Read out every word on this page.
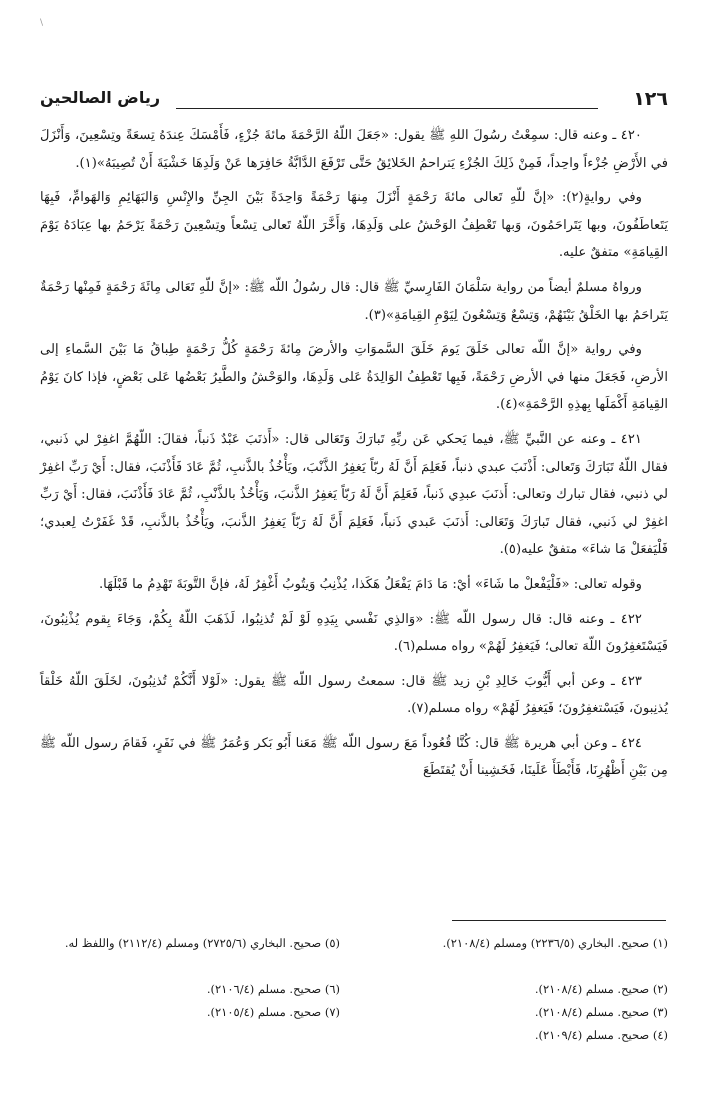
\
١٢٦
رياض الصالحين

٤٢٠ ـ وعنه قال: سمِعْتُ رسُولَ اللهِ ﷺ يقول: «جَعَلَ اللّهُ الرَّحْمَةَ مائةَ جُزْءٍ، فَأَمْسَكَ عِندَهُ تِسعَةً وتِسْعِينَ، وَأَنْزَلَ في الأَرْضِ جُزْءاً واحِداً، فَمِنْ ذَلِكَ الجُزْءِ يَتراحمُ الخَلائِقُ حَتَّى تَرْفَعَ الدَّابَّةُ حَافِرَها عَنْ وَلَدِهَا خَشْيَةَ أَنْ تُصِيبَهُ»(١).

وفي روايةٍ(٢): «إنَّ للّهِ تَعالى مائةَ رَحْمَةٍ أَنْزَلَ مِنهَا رَحْمَةً وَاحِدَةً بَيْنَ الجِنِّ والإِنْسِ وَالبَهَائِمِ وَالهَوامِّ، فَبِهَا يَتَعاطَفُونَ، وبها يَتَراحَمُونَ، وَبها تَعْطِفُ الوَحْشُ على وَلَدِهَا، وَأَخَّرَ اللّهُ تَعالى تِسْعاً وتِسْعِينَ رَحْمَةً يَرْحَمُ بها عِبَادَهُ يَوْمَ القِيامَةِ» متفقٌ عليه.

ورواهُ مسلمٌ أيضاً من رواية سَلْمَانَ الفَارِسيِّ ﷺ قال: قال رسُولُ اللّه ﷺ: «إنَّ للّهِ تَعَالى مِائَةَ رَحْمَةٍ فَمِنْها رَحْمَةٌ يَتَراحَمُ بها الخَلْقُ بَيْنَهُمْ، وَتِسْعٌ وَتِسْعُونَ لِيَوْمِ القِيامَةِ»(٣).

وفي رواية «إنَّ اللّه تعالى خَلَقَ يَومَ خَلَقَ السَّموَاتِ والأرضَ مِائةَ رَحْمَةٍ كُلُّ رَحْمَةٍ طِباقُ مَا بَيْنَ السَّماءِ إلى الأرضِ، فَجَعَلَ منها في الأرضِ رَحْمَةً، فَبِها تَعْطِفُ الوَالِدَةُ عَلى وَلَدِهَا، والوَحْشُ والطَّيرُ بَعْضُها عَلى بَعْضٍ، فإذا كانَ يَوْمُ القِيامَةِ أَكْمَلَها بِهذِهِ الرَّحْمَةِ»(٤).

٤٢١ ـ وعنه عن النَّبيِّ ﷺ، فيما يَحكي عَن ربِّهِ تَبارَكَ وَتَعَالى قال: «أَذنَبَ عَبْدٌ ذَنباً، فقالَ: اللّهُمَّ اغفِرْ لي ذَنبي، فقال اللّهُ تَبَارَكَ وَتَعالى: أَذْنَبَ عبدي ذنباً، فَعَلِمَ أَنَّ لَهُ ربّاً يَغفِرُ الذَّنْبَ، ويَأْخُذُ بالذَّنبِ، ثُمَّ عَادَ فَأَذْنَبَ، فقال: أَيْ رَبِّ اغفِرْ لي ذنبي، فقال تبارك وتعالى: أَذنَبَ عبدِي ذَنباً، فَعَلِمَ أَنَّ لَهُ رَبّاً يَغفِرُ الذَّنبَ، وَيَأْخُذُ بالذَّنْبِ، ثُمَّ عَادَ فَأَذْنَبَ، فقال: أَيْ رَبِّ اغفِرْ لي ذَنبي، فقال تَبارَكَ وَتَعَالى: أَذنَبَ عَبدي ذَنباً، فَعَلِمَ أَنَّ لَهُ رَبّاً يَغفِرُ الذَّنبَ، ويَأْخُذُ بالذَّنبِ، قَدْ غَفَرْتُ لِعبدي؛ فَلْيَفعَلْ مَا شاءَ» متفقٌ عليه(٥).

وقوله تعالى: «فَلْيَفْعلْ ما شَاءَ» أيْ: مَا دَامَ يَفْعَلُ هَكَذا، يُذْنِبُ وَيتُوبُ أَغْفِرُ لَهُ، فإنَّ التَّوبَةَ تَهْدِمُ ما قَبْلَهَا.

٤٢٢ ـ وعنه قال: قال رسول اللّه ﷺ: «وَالذِي نَفْسي بِيَدِهِ لَوْ لَمْ تُذنِبُوا، لَذَهَبَ اللّهُ بِكُمْ، وَجَاءَ بِقوم يُذْنِبُونَ، فَيَسْتَغفِرُونَ اللّهَ تعالى؛ فَيَغفِرُ لَهُمْ» رواه مسلم(٦).

٤٢٣ ـ وعن أبي أَيُّوبَ خَالِدِ بْنِ زيد ﷺ قال: سمعتُ رسول اللّه ﷺ يقول: «لَوْلا أَنَّكُمْ تُذنِبُونَ، لخَلَقَ اللّهُ خَلْقاً يُذنِبونَ، فَيَسْتغفِرُونَ؛ فَيَغفِرُ لَهُمْ» رواه مسلم(٧).

٤٢٤ ـ وعن أبي هريرة ﷺ قال: كُنَّا قُعُوداً مَعَ رسول اللّه ﷺ مَعَنا أَبُو بَكر وَعُمَرُ ﷺ في نَفَرٍ، فَقامَ رسول اللّه ﷺ مِن بَيْنِ أَظْهُرِنَا، فَأَبْطَأَ عَلَينَا، فَخَشِينا أَنْ يُقتَطَعَ

(١) صحيح. البخاري (٢٢٣٦/٥) ومسلم (٢١٠٨/٤).
(٢) صحيح. مسلم (٢١٠٨/٤).
(٣) صحيح. مسلم (٢١٠٨/٤).
(٤) صحيح. مسلم (٢١٠٩/٤).
(٥) صحيح. البخاري (٢٧٢٥/٦) ومسلم (٢١١٢/٤) واللفظ له.
(٦) صحيح. مسلم (٢١٠٦/٤).
(٧) صحيح. مسلم (٢١٠٥/٤).
